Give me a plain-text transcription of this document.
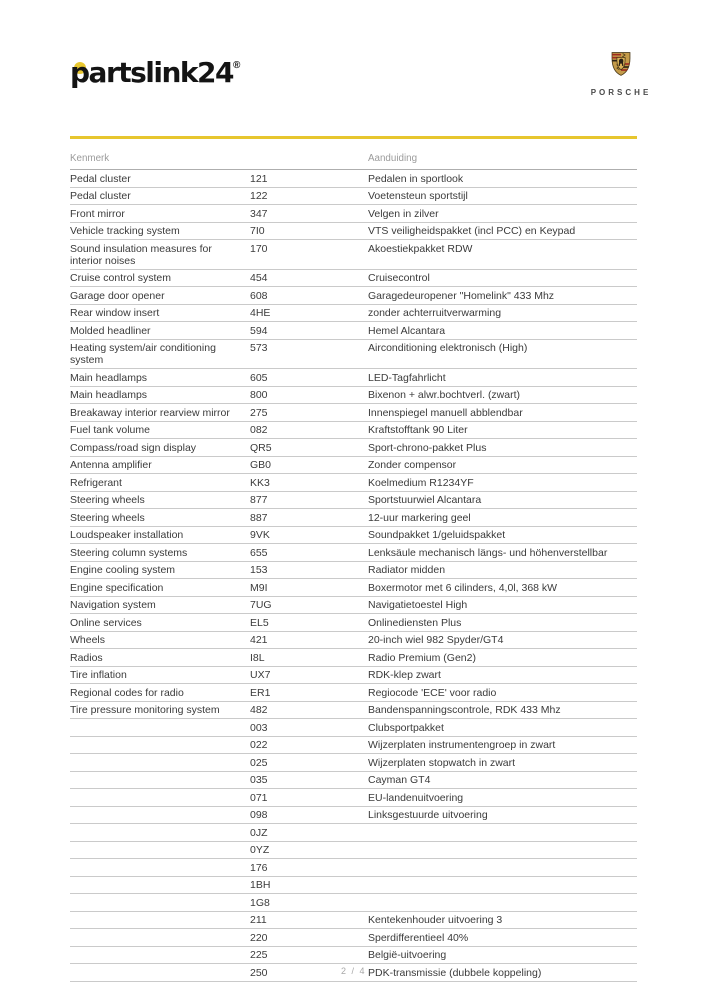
partslink24®
PORSCHE
Kenmerk		Aanduiding
Pedal cluster	121	Pedalen in sportlook
Pedal cluster	122	Voetensteun sportstijl
Front mirror	347	Velgen in zilver
Vehicle tracking system	7I0	VTS veiligheidspakket (incl PCC) en Keypad
Sound insulation measures for interior noises	170	Akoestiekpakket RDW
Cruise control system	454	Cruisecontrol
Garage door opener	608	Garagedeuropener "Homelink" 433 Mhz
Rear window insert	4HE	zonder achterruitverwarming
Molded headliner	594	Hemel Alcantara
Heating system/air conditioning system	573	Airconditioning elektronisch (High)
Main headlamps	605	LED-Tagfahrlicht
Main headlamps	800	Bixenon + alwr.bochtverl. (zwart)
Breakaway interior rearview mirror	275	Innenspiegel manuell abblendbar
Fuel tank volume	082	Kraftstofftank 90 Liter
Compass/road sign display	QR5	Sport-chrono-pakket Plus
Antenna amplifier	GB0	Zonder compensor
Refrigerant	KK3	Koelmedium R1234YF
Steering wheels	877	Sportstuurwiel Alcantara
Steering wheels	887	12-uur markering geel
Loudspeaker installation	9VK	Soundpakket 1/geluidspakket
Steering column systems	655	Lenksäule mechanisch längs- und höhenverstellbar
Engine cooling system	153	Radiator midden
Engine specification	M9I	Boxermotor met 6 cilinders, 4,0l, 368 kW
Navigation system	7UG	Navigatietoestel High
Online services	EL5	Onlinediensten Plus
Wheels	421	20-inch wiel 982 Spyder/GT4
Radios	I8L	Radio Premium (Gen2)
Tire inflation	UX7	RDK-klep zwart
Regional codes for radio	ER1	Regiocode 'ECE' voor radio
Tire pressure monitoring system	482	Bandenspanningscontrole, RDK 433 Mhz
	003	Clubsportpakket
	022	Wijzerplaten instrumentengroep in zwart
	025	Wijzerplaten stopwatch in zwart
	035	Cayman GT4
	071	EU-landenuitvoering
	098	Linksgestuurde uitvoering
	0JZ	
	0YZ	
	176	
	1BH	
	1G8	
	211	Kentekenhouder uitvoering 3
	220	Sperdifferentieel 40%
	225	België-uitvoering
	250	PDK-transmissie (dubbele koppeling)
2 / 4
